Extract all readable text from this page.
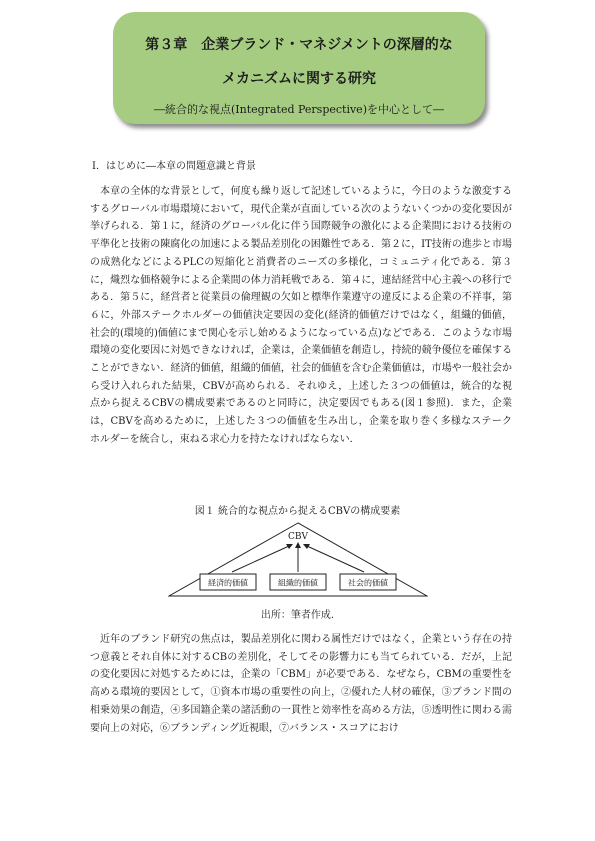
第３章　企業ブランド・マネジメントの深層的な
メカニズムに関する研究
―統合的な視点(Integrated Perspective)を中心として―
Ⅰ．はじめに―本章の問題意識と背景
　本章の全体的な背景として，何度も繰り返して記述しているように，今日のような激変するするグローバル市場環境において，現代企業が直面している次のようないくつかの変化要因が挙げられる．第１に，経済のグローバル化に伴う国際競争の激化による企業間における技術の平準化と技術の陳腐化の加速による製品差別化の困難性である．第２に，IT技術の進歩と市場の成熟化などによるPLCの短縮化と消費者のニーズの多様化，コミュニティ化である．第３に，熾烈な価格競争による企業間の体力消耗戦である．第４に，連結経営中心主義への移行である．第５に，経営者と従業員の倫理観の欠如と標準作業遵守の違反による企業の不祥事，第６に，外部ステークホルダーの価値決定要因の変化(経済的価値だけではなく，組織的価値，社会的(環境的)価値にまで関心を示し始めるようになっている点)などである．このような市場環境の変化要因に対処できなければ，企業は，企業価値を創造し，持続的競争優位を確保することができない．経済的価値，組織的価値，社会的価値を含む企業価値は，市場や一般社会から受け入れられた結果，CBVが高められる．それゆえ，上述した３つの価値は，統合的な視点から捉えるCBVの構成要素であるのと同時に，決定要因でもある(図１参照)．また，企業は，CBVを高めるために，上述した３つの価値を生み出し，企業を取り巻く多様なステークホルダーを統合し，束ねる求心力を持たなければならない．
図１ 統合的な視点から捉えるCBVの構成要素
CBV
経済的価値	組織的価値	社会的価値
出所：筆者作成.
　近年のブランド研究の焦点は，製品差別化に関わる属性だけではなく，企業という存在の持つ意義とそれ自体に対するCBの差別化，そしてその影響力にも当てられている．だが，上記の変化要因に対処するためには，企業の「CBM」が必要である．なぜなら，CBMの重要性を高める環境的要因として，①資本市場の重要性の向上，②優れた人材の確保，③ブランド間の相乗効果の創造，④多国籍企業の諸活動の一貫性と効率性を高める方法，⑤透明性に関わる需要向上の対応，⑥ブランディング近視眼，⑦バランス・スコアにおけ
